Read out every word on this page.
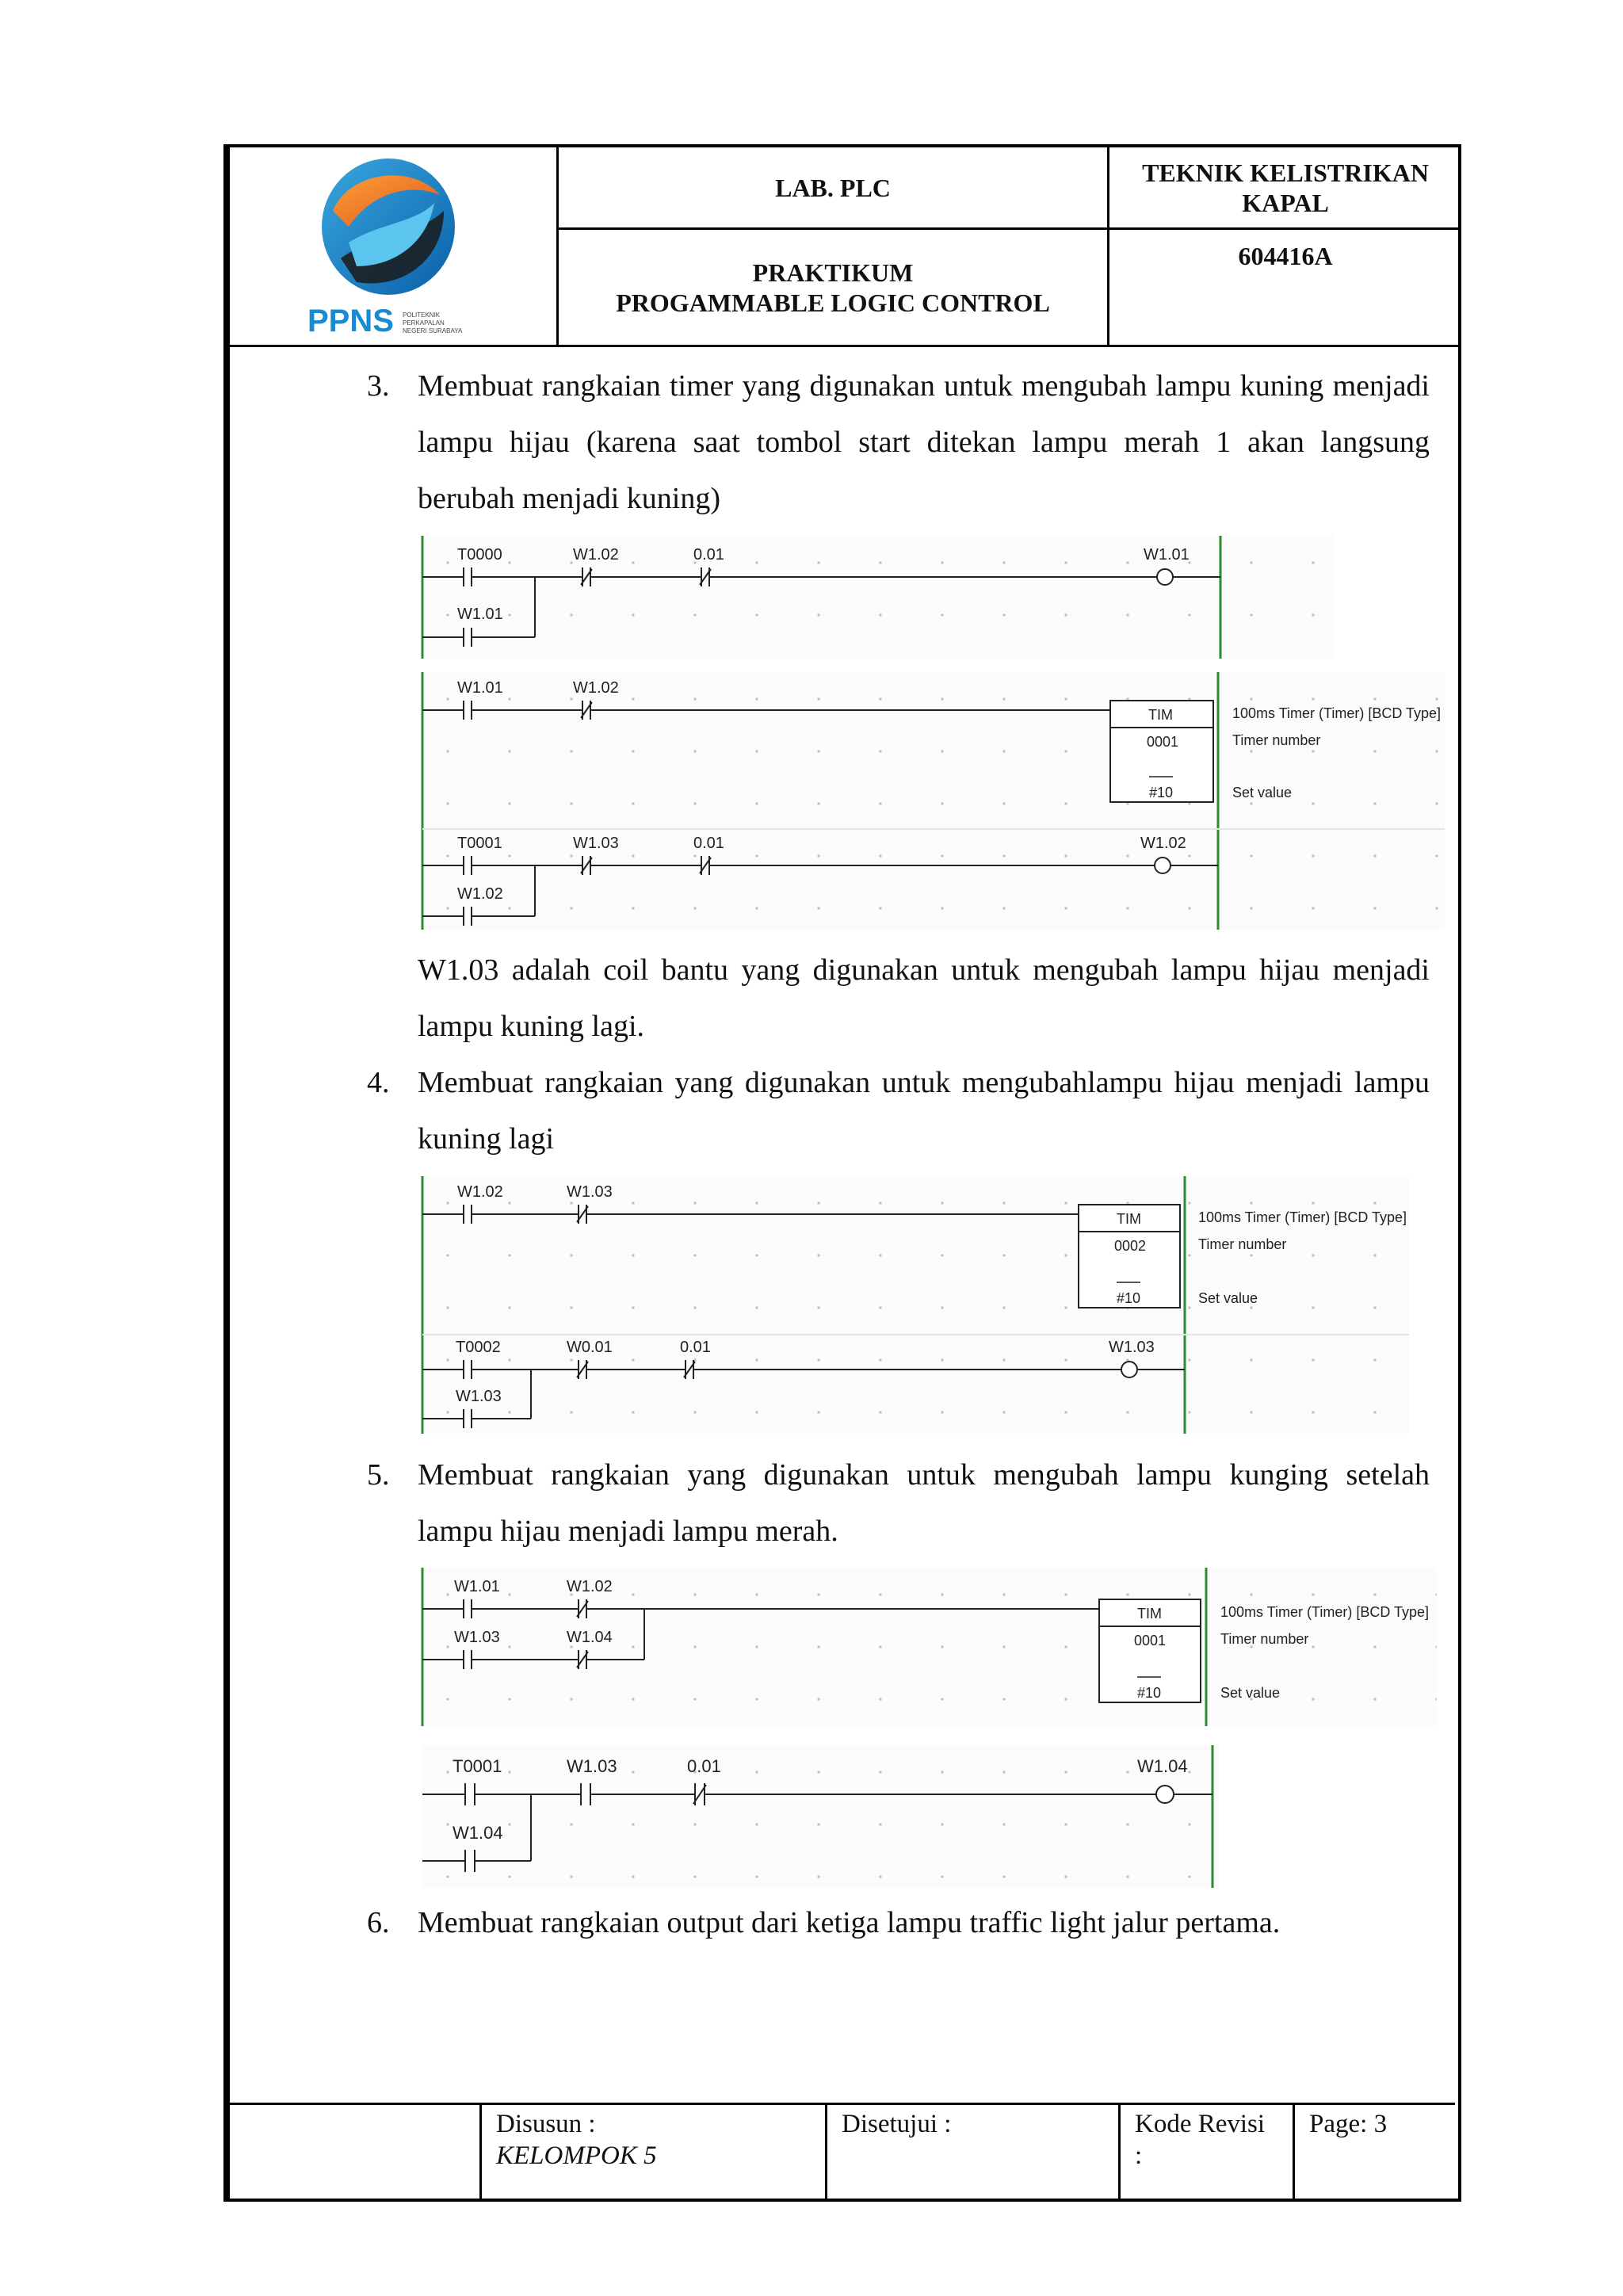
PPNS POLITEKNIK
PERKAPALAN
NEGERI SURABAYA
LAB. PLC
PRAKTIKUM
PROGAMMABLE LOGIC CONTROL
TEKNIK KELISTRIKAN KAPAL
604416A
Disusun :
KELOMPOK 5
Disetujui :	Kode Revisi
:
Page: 3
3. Membuat rangkaian timer yang digunakan untuk mengubah lampu kuning menjadi lampu hijau (karena saat tombol start ditekan lampu merah 1 akan langsung berubah menjadi kuning)
T0000	W1.02	0.01	W1.01
W1.01
TIM
0001
#10
100ms Timer (Timer) [BCD Type]
Timer number
Set value
W1.01	W1.02
T0001	W1.03	0.01	W1.02
W1.02
W1.03 adalah coil bantu yang digunakan untuk mengubah lampu hijau menjadi lampu kuning lagi.
4. Membuat rangkaian yang digunakan untuk mengubahlampu hijau menjadi lampu kuning lagi
TIM
0002
#10
100ms Timer (Timer) [BCD Type]
Timer number
Set value
W1.02	W1.03
T0002	W0.01	0.01	W1.03
W1.03
5. Membuat rangkaian yang digunakan untuk mengubah lampu kunging setelah lampu hijau menjadi lampu merah.
TIM
0001
#10
100ms Timer (Timer) [BCD Type]
Timer number
Set value
W1.01	W1.02
W1.03	W1.04
T0001	W1.03	0.01	W1.04
W1.04
6. Membuat rangkaian output dari ketiga lampu traffic light jalur pertama.
